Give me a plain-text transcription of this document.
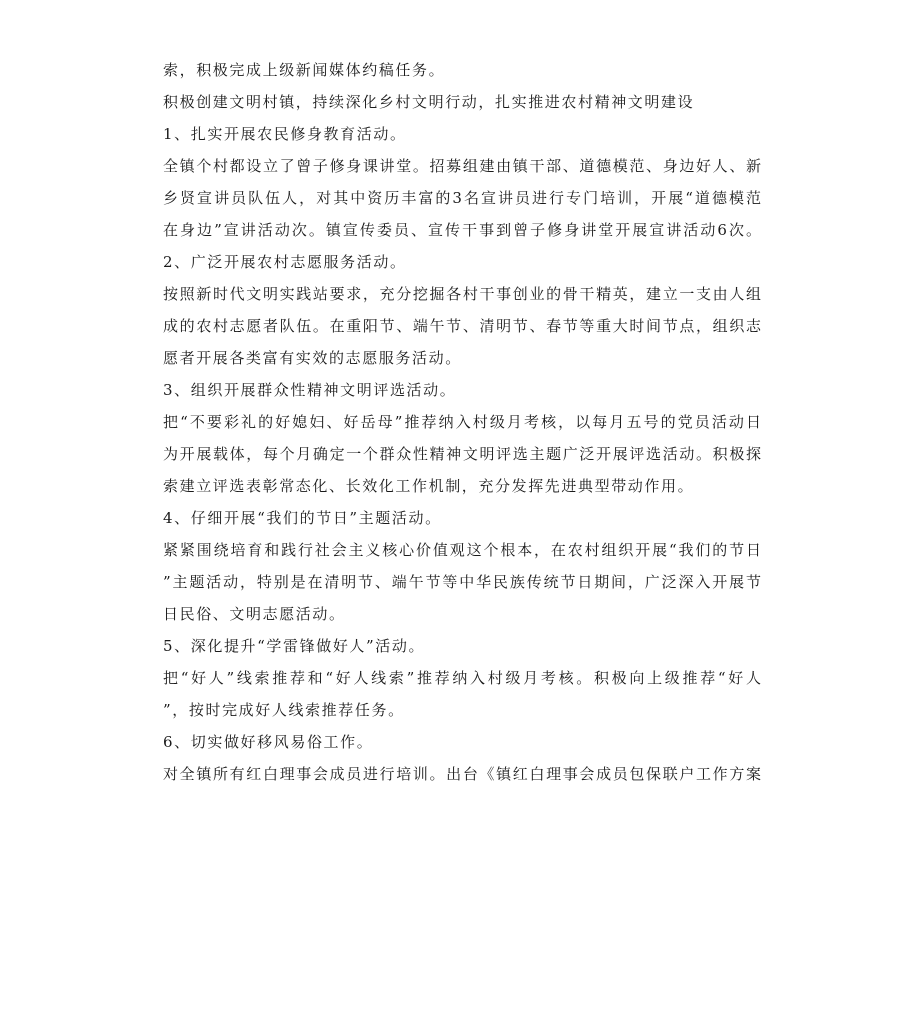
索，积极完成上级新闻媒体约稿任务。
积极创建文明村镇，持续深化乡村文明行动，扎实推进农村精神文明建设
1、扎实开展农民修身教育活动。
全镇个村都设立了曾子修身课讲堂。招募组建由镇干部、道德模范、身边好人、新
乡贤宣讲员队伍人，对其中资历丰富的3名宣讲员进行专门培训，开展“道德模范
在身边”宣讲活动次。镇宣传委员、宣传干事到曾子修身讲堂开展宣讲活动6次。
2、广泛开展农村志愿服务活动。
按照新时代文明实践站要求，充分挖掘各村干事创业的骨干精英，建立一支由人组
成的农村志愿者队伍。在重阳节、端午节、清明节、春节等重大时间节点，组织志
愿者开展各类富有实效的志愿服务活动。
3、组织开展群众性精神文明评选活动。
把“不要彩礼的好媳妇、好岳母”推荐纳入村级月考核，以每月五号的党员活动日
为开展载体，每个月确定一个群众性精神文明评选主题广泛开展评选活动。积极探
索建立评选表彰常态化、长效化工作机制，充分发挥先进典型带动作用。
4、仔细开展“我们的节日”主题活动。
紧紧围绕培育和践行社会主义核心价值观这个根本，在农村组织开展“我们的节日
”主题活动，特别是在清明节、端午节等中华民族传统节日期间，广泛深入开展节
日民俗、文明志愿活动。
5、深化提升“学雷锋做好人”活动。
把“好人”线索推荐和“好人线索”推荐纳入村级月考核。积极向上级推荐“好人
”，按时完成好人线索推荐任务。
6、切实做好移风易俗工作。
对全镇所有红白理事会成员进行培训。出台《镇红白理事会成员包保联户工作方案
